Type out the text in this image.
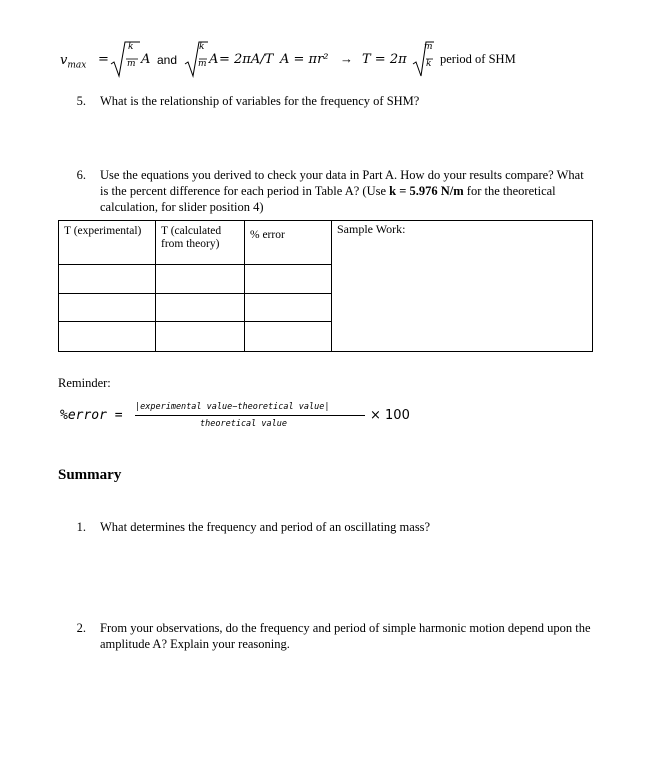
$v_{max}$ =
k
m A and
k
m A = 2πA/T A = πr² → T = 2π
m
k period of SHM
5. What is the relationship of variables for the frequency of SHM?
6. Use the equations you derived to check your data in Part A. How do your results compare? What
is the percent difference for each period in Table A? (Use k = 5.976 N/m for the theoretical
calculation, for slider position 4)
T (experimental)	T (calculated
from theory)	% error	Sample Work:

Reminder:
%error =
|experimental value−theoretical value|
theoretical value
× 100
Summary
1. What determines the frequency and period of an oscillating mass?
2. From your observations, do the frequency and period of simple harmonic motion depend upon the
amplitude A? Explain your reasoning.
